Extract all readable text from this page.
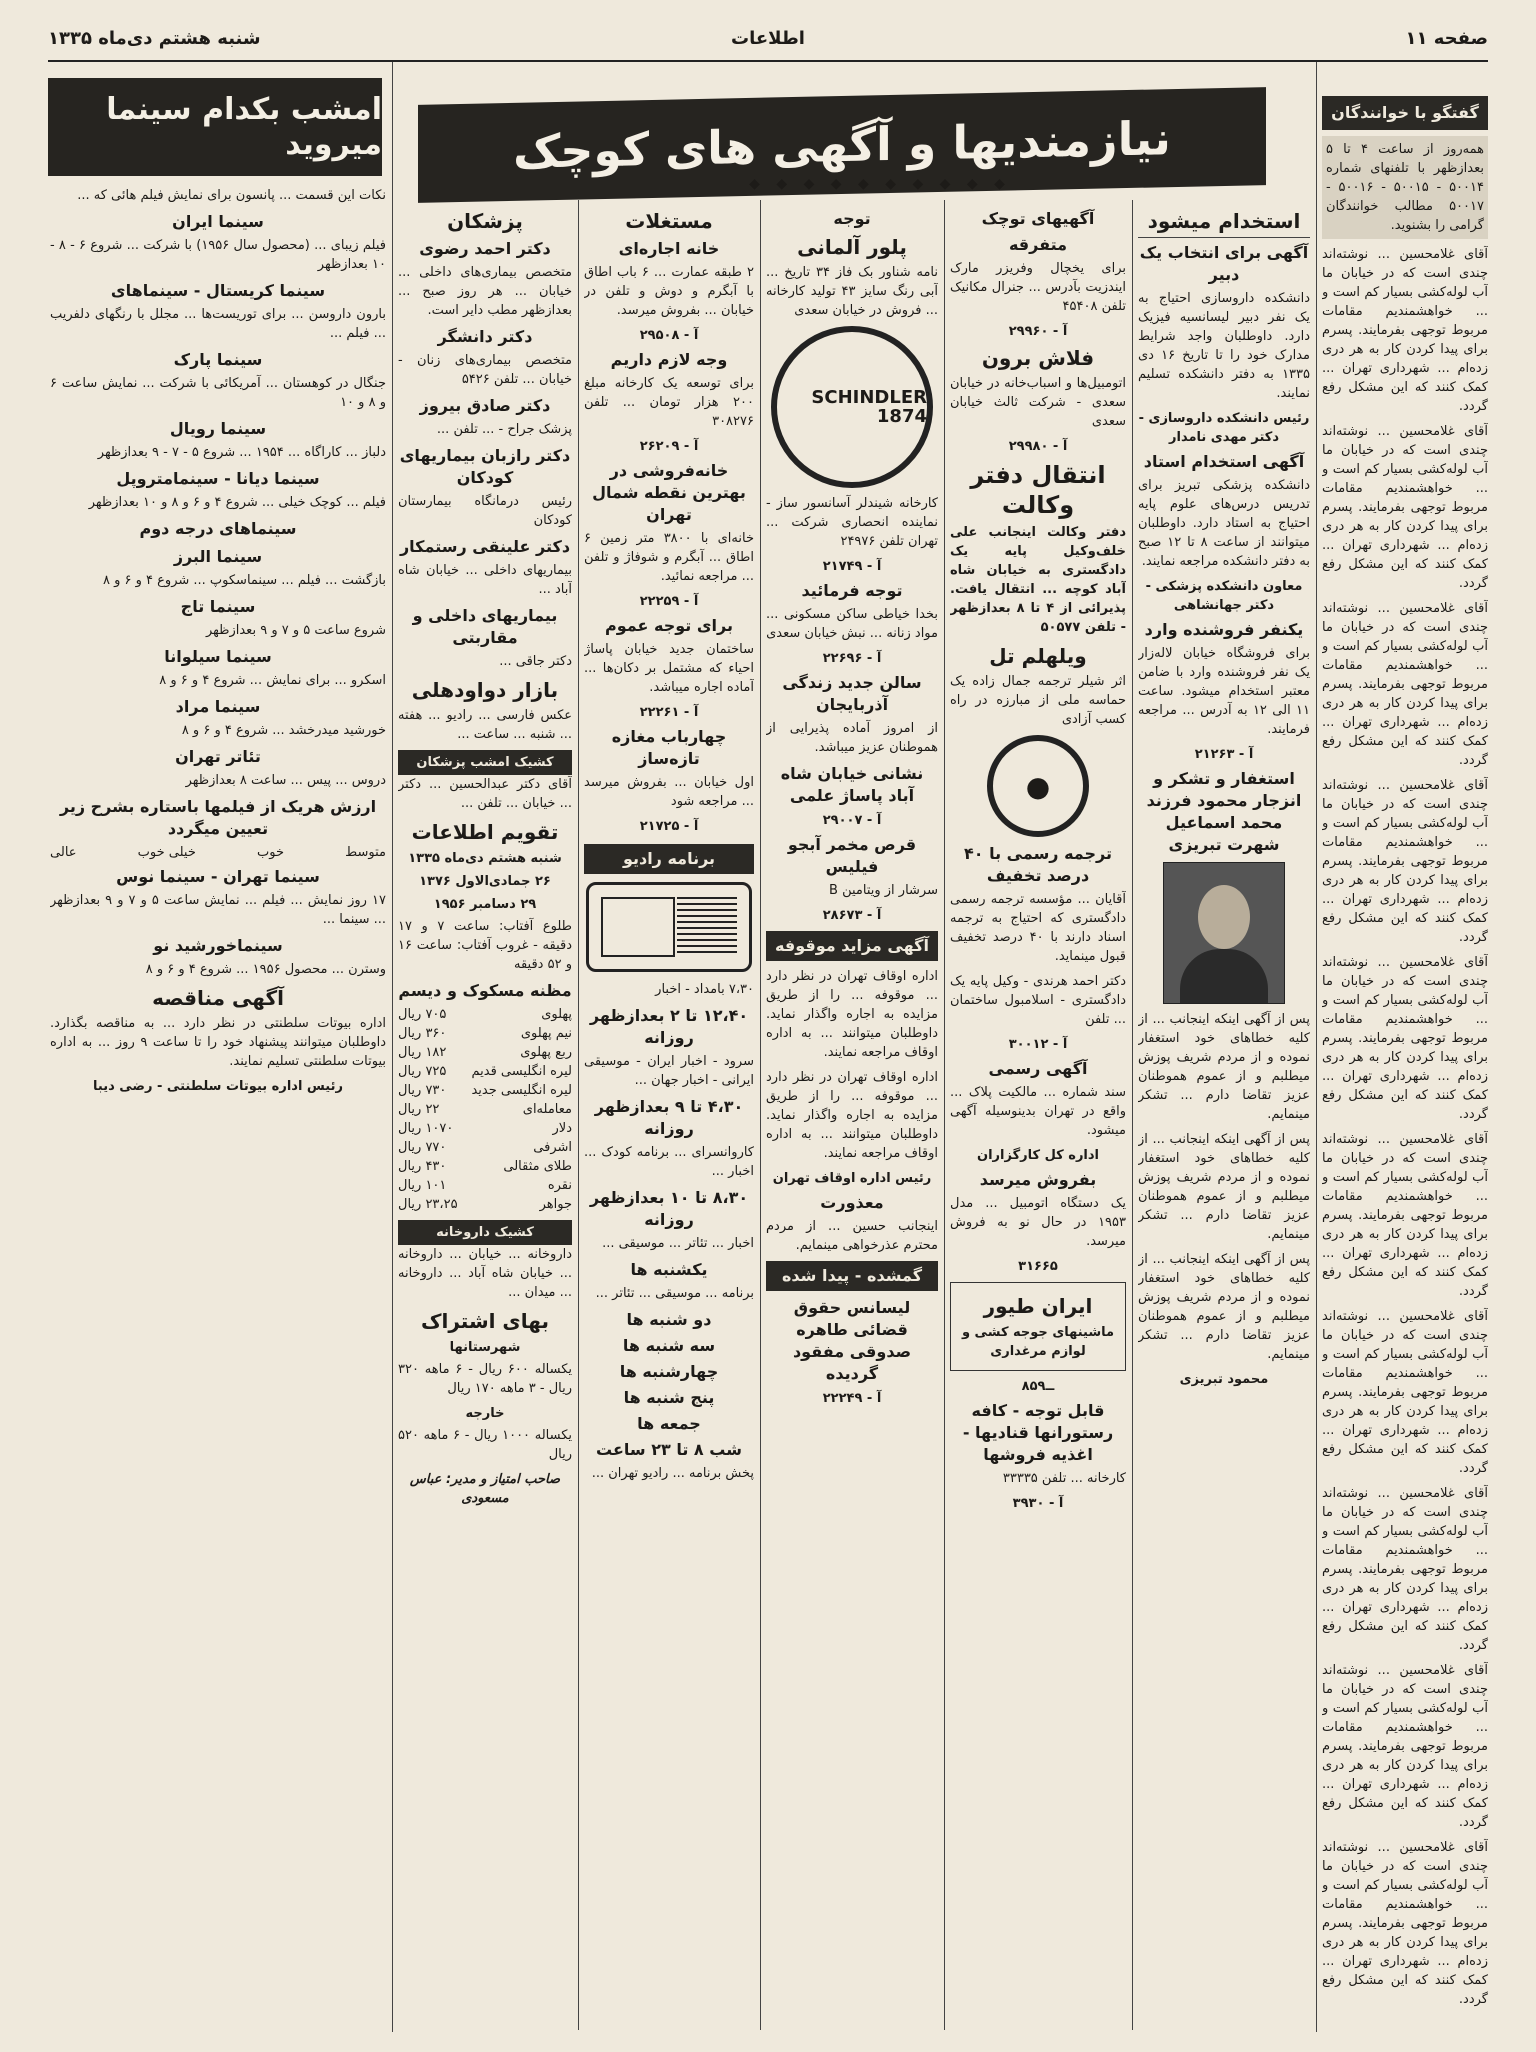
صفحه ۱۱
اطلاعات
شنبه هشتم دی‌ماه ۱۳۳۵
نیازمندیها و آگهی های کوچک
امشب بکدام سینما میروید
◆ ◆ ◆ ◆ ◆ ◆ ◆ ◆ ◆ ◆
گفتگو با خوانندگان

همه‌روز از ساعت ۴ تا ۵ بعدازظهر با تلفنهای شماره ۵۰۰۱۴ - ۵۰۰۱۵ - ۵۰۰۱۶ - ۵۰۰۱۷ مطالب خوانندگان گرامی را بشنوید.

آقای غلامحسین ... نوشته‌اند چندی است که در خیابان ما آب لوله‌کشی بسیار کم است و ... خواهشمندیم مقامات مربوط توجهی بفرمایند. پسرم برای پیدا کردن کار به هر دری زده‌ام ... شهرداری تهران ... کمک کنند که این مشکل رفع گردد.

آقای غلامحسین ... نوشته‌اند چندی است که در خیابان ما آب لوله‌کشی بسیار کم است و ... خواهشمندیم مقامات مربوط توجهی بفرمایند. پسرم برای پیدا کردن کار به هر دری زده‌ام ... شهرداری تهران ... کمک کنند که این مشکل رفع گردد.

آقای غلامحسین ... نوشته‌اند چندی است که در خیابان ما آب لوله‌کشی بسیار کم است و ... خواهشمندیم مقامات مربوط توجهی بفرمایند. پسرم برای پیدا کردن کار به هر دری زده‌ام ... شهرداری تهران ... کمک کنند که این مشکل رفع گردد.

آقای غلامحسین ... نوشته‌اند چندی است که در خیابان ما آب لوله‌کشی بسیار کم است و ... خواهشمندیم مقامات مربوط توجهی بفرمایند. پسرم برای پیدا کردن کار به هر دری زده‌ام ... شهرداری تهران ... کمک کنند که این مشکل رفع گردد.

آقای غلامحسین ... نوشته‌اند چندی است که در خیابان ما آب لوله‌کشی بسیار کم است و ... خواهشمندیم مقامات مربوط توجهی بفرمایند. پسرم برای پیدا کردن کار به هر دری زده‌ام ... شهرداری تهران ... کمک کنند که این مشکل رفع گردد.

آقای غلامحسین ... نوشته‌اند چندی است که در خیابان ما آب لوله‌کشی بسیار کم است و ... خواهشمندیم مقامات مربوط توجهی بفرمایند. پسرم برای پیدا کردن کار به هر دری زده‌ام ... شهرداری تهران ... کمک کنند که این مشکل رفع گردد.

آقای غلامحسین ... نوشته‌اند چندی است که در خیابان ما آب لوله‌کشی بسیار کم است و ... خواهشمندیم مقامات مربوط توجهی بفرمایند. پسرم برای پیدا کردن کار به هر دری زده‌ام ... شهرداری تهران ... کمک کنند که این مشکل رفع گردد.

آقای غلامحسین ... نوشته‌اند چندی است که در خیابان ما آب لوله‌کشی بسیار کم است و ... خواهشمندیم مقامات مربوط توجهی بفرمایند. پسرم برای پیدا کردن کار به هر دری زده‌ام ... شهرداری تهران ... کمک کنند که این مشکل رفع گردد.

آقای غلامحسین ... نوشته‌اند چندی است که در خیابان ما آب لوله‌کشی بسیار کم است و ... خواهشمندیم مقامات مربوط توجهی بفرمایند. پسرم برای پیدا کردن کار به هر دری زده‌ام ... شهرداری تهران ... کمک کنند که این مشکل رفع گردد.

آقای غلامحسین ... نوشته‌اند چندی است که در خیابان ما آب لوله‌کشی بسیار کم است و ... خواهشمندیم مقامات مربوط توجهی بفرمایند. پسرم برای پیدا کردن کار به هر دری زده‌ام ... شهرداری تهران ... کمک کنند که این مشکل رفع گردد.

استخدام میشود
آگهی برای انتخاب یک دبیر

دانشکده داروسازی احتیاج به یک نفر دبیر لیسانسیه فیزیک دارد. داوطلبان واجد شرایط مدارک خود را تا تاریخ ۱۶ دی ۱۳۳۵ به دفتر دانشکده تسلیم نمایند.

رئیس دانشکده داروسازی - دکتر مهدی نامدار
آگهی استخدام استاد

دانشکده پزشکی تبریز برای تدریس درس‌های علوم پایه احتیاج به استاد دارد. داوطلبان میتوانند از ساعت ۸ تا ۱۲ صبح به دفتر دانشکده مراجعه نمایند.

معاون دانشکده پزشکی - دکتر جهانشاهی
یکنفر فروشنده وارد

برای فروشگاه خیابان لاله‌زار یک نفر فروشنده وارد با ضامن معتبر استخدام میشود. ساعت ۱۱ الی ۱۲ به آدرس ... مراجعه فرمایند.

آ - ۲۱۲۶۳
استغفار و تشکر و انزجار محمود فرزند محمد اسماعیل شهرت تبریزی

پس از آگهی اینکه اینجانب ... از کلیه خطاهای خود استغفار نموده و از مردم شریف پوزش میطلبم و از عموم هموطنان عزیز تقاضا دارم ... تشکر مینمایم.

پس از آگهی اینکه اینجانب ... از کلیه خطاهای خود استغفار نموده و از مردم شریف پوزش میطلبم و از عموم هموطنان عزیز تقاضا دارم ... تشکر مینمایم.

پس از آگهی اینکه اینجانب ... از کلیه خطاهای خود استغفار نموده و از مردم شریف پوزش میطلبم و از عموم هموطنان عزیز تقاضا دارم ... تشکر مینمایم.

محمود تبریزی
آگهیهای توچک
متفرقه

برای یخچال وفریزر مارک ایندزیت بآدرس ... جنرال مکانیک تلفن ۴۵۴۰۸

آ - ۲۹۹۶۰
فلاش برون

اتومبیل‌ها و اسباب‌خانه در خیابان سعدی - شرکت ثالث خیابان سعدی

آ - ۲۹۹۸۰
انتقال دفتر وکالت

دفتر وکالت اینجانب علی خلف‌وکیل پایه یک دادگستری به خیابان شاه آباد کوچه ... انتقال یافت. پذیرائی از ۴ تا ۸ بعدازظهر - تلفن ۵۰۵۷۷

ویلهلم تل

اثر شیلر ترجمه جمال زاده یک حماسه ملی از مبارزه در راه کسب آزادی

●
ترجمه رسمی با ۴۰ درصد تخفیف

آقایان ... مؤسسه ترجمه رسمی دادگستری که احتیاج به ترجمه اسناد دارند با ۴۰ درصد تخفیف قبول مینماید.

دکتر احمد هرندی - وکیل پایه یک دادگستری - اسلامبول ساختمان ... تلفن

آ - ۳۰۰۱۲
آگهی رسمی

سند شماره ... مالکیت پلاک ... واقع در تهران بدینوسیله آگهی میشود.

اداره کل کارگزاران
بفروش میرسد

یک دستگاه اتومبیل ... مدل ۱۹۵۳ در حال نو به فروش میرسد.

۳۱۶۶۵
ایران طیور
ماشینهای جوجه کشی و لوازم مرغداری
ــ۸۵۹
قابل توجه - کافه رستورانها قنادیها - اغذیه فروشها

کارخانه ... تلفن ۳۳۳۳۵

آ - ۳۹۳۰
توجه
پلور آلمانی

نامه شناور بک فاز ۳۴ تاریخ ... آبی رنگ سایز ۴۳ تولید کارخانه ... فروش در خیابان سعدی

SCHINDLER 1874

کارخانه شیندلر آسانسور ساز - نماینده انحصاری شرکت ... تهران تلفن ۲۴۹۷۶

آ - ۲۱۷۴۹
توجه فرمائید

بخدا خیاطی ساکن مسکونی ... مواد زنانه ... نبش خیابان سعدی

آ - ۲۲۶۹۶
سالن جدید زندگی آذربایجان

از امروز آماده پذیرایی از هموطنان عزیز میباشد.

نشانی خیابان شاه آباد پاساژ علمی
آ - ۲۹۰۰۷
قرص مخمر آبجو فیلیس

سرشار از ویتامین B

آ - ۲۸۶۷۳
آگهی مزاید موقوفه

اداره اوقاف تهران در نظر دارد ... موقوفه ... را از طریق مزایده به اجاره واگذار نماید. داوطلبان میتوانند ... به اداره اوقاف مراجعه نمایند.

اداره اوقاف تهران در نظر دارد ... موقوفه ... را از طریق مزایده به اجاره واگذار نماید. داوطلبان میتوانند ... به اداره اوقاف مراجعه نمایند.

رئیس اداره اوقاف تهران
معذورت

اینجانب حسین ... از مردم محترم عذرخواهی مینمایم.

گمشده - پیدا شده
لیسانس حقوق قضائی طاهره صدوقی مفقود گردیده
آ - ۲۲۲۴۹
مستغلات
خانه اجاره‌ای

۲ طبقه عمارت ... ۶ باب اطاق با آبگرم و دوش و تلفن در خیابان ... بفروش میرسد.

آ - ۲۹۵۰۸
وجه لازم داریم

برای توسعه یک کارخانه مبلغ ۲۰۰ هزار تومان ... تلفن ۳۰۸۲۷۶

آ - ۲۶۲۰۹
خانه‌فروشی در بهترین نقطه شمال تهران

خانه‌ای با ۳۸۰۰ متر زمین ۶ اطاق ... آبگرم و شوفاژ و تلفن ... مراجعه نمائید.

آ - ۲۲۲۵۹
برای توجه عموم

ساختمان جدید خیابان پاساژ احیاء که مشتمل بر دکان‌ها ... آماده اجاره میباشد.

آ - ۲۲۲۶۱
چهارباب مغازه تازه‌ساز

اول خیابان ... بفروش میرسد ... مراجعه شود

آ - ۲۱۷۲۵
برنامه رادیو

۷،۳۰ بامداد - اخبار

۱۲،۴۰ تا ۲ بعدازظهر روزانه

سرود - اخبار ایران - موسیقی ایرانی - اخبار جهان ...

۴،۳۰ تا ۹ بعدازظهر روزانه

کاروانسرای ... برنامه کودک ... اخبار ...

۸،۳۰ تا ۱۰ بعدازظهر روزانه

اخبار ... تئاتر ... موسیقی ...

یکشنبه ها

برنامه ... موسیقی ... تئاتر ...

دو شنبه ها
سه شنبه ها
چهارشنبه ها
پنج شنبه ها
جمعه ها
شب ۸ تا ۲۳ ساعت

پخش برنامه ... رادیو تهران ...

پزشکان
دکتر احمد رضوی

متخصص بیماری‌های داخلی ... خیابان ... هر روز صبح ... بعدازظهر مطب دایر است.

دکتر دانشگر

متخصص بیماری‌های زنان - خیابان ... تلفن ۵۴۲۶

دکتر صادق بیروز

پزشک جراح - ... تلفن ...

دکتر رازبان بیماریهای کودکان

رئیس درمانگاه بیمارستان کودکان

دکتر علینقی رستمکار

بیماریهای داخلی ... خیابان شاه آباد ...

بیماریهای داخلی و مقاربتی

دکتر جاقی ...

بازار دواودهلی

عکس فارسی ... رادیو ... هفته ... شنبه ... ساعت ...

کشیک امشب پزشکان

آقای دکتر عبدالحسین ... دکتر ... خیابان ... تلفن ...

تقویم اطلاعات
شنبه هشتم دی‌ماه ۱۳۳۵
۲۶ جمادی‌الاول ۱۳۷۶
۲۹ دسامبر ۱۹۵۶

طلوع آفتاب: ساعت ۷ و ۱۷ دقیقه - غروب آفتاب: ساعت ۱۶ و ۵۲ دقیقه

مظنه مسکوک و دیسم
پهلوی
۷۰۵ ریال
نیم پهلوی
۳۶۰ ریال
ربع پهلوی
۱۸۲ ریال
لیره انگلیسی قدیم
۷۲۵ ریال
لیره انگلیسی جدید
۷۳۰ ریال
معامله‌ای
۲۲ ریال
دلار
۱۰۷۰ ریال
اشرفی
۷۷۰ ریال
طلای مثقالی
۴۳۰ ریال
نقره
۱۰۱ ریال
جواهر
۲۳،۲۵ ریال
کشیک داروخانه

داروخانه ... خیابان ... داروخانه ... خیابان شاه آباد ... داروخانه ... میدان ...

بهای اشتراک
شهرستانها

یکساله ۶۰۰ ریال - ۶ ماهه ۳۲۰ ریال - ۳ ماهه ۱۷۰ ریال

خارجه

یکساله ۱۰۰۰ ریال - ۶ ماهه ۵۲۰ ریال

صاحب امتیاز و مدیر: عباس مسعودی

نکات این قسمت ... پانسون برای نمایش فیلم هائی که ...

سینما ایران

فیلم زیبای ... (محصول سال ۱۹۵۶) با شرکت ... شروع ۶ - ۸ - ۱۰ بعدازظهر

سینما کریستال - سینماهای

بارون داروسن ... برای توریست‌ها ... مجلل با رنگهای دلفریب ... فیلم ...

سینما پارک

جنگال در کوهستان ... آمریکائی با شرکت ... نمایش ساعت ۶ و ۸ و ۱۰

سینما رویال

دلباز ... کاراگاه ... ۱۹۵۴ ... شروع ۵ - ۷ - ۹ بعدازظهر

سینما دیانا - سینمامتروپل

فیلم ... کوچک خیلی ... شروع ۴ و ۶ و ۸ و ۱۰ بعدازظهر

سینماهای درجه دوم

سینما البرز

بازگشت ... فیلم ... سینماسکوپ ... شروع ۴ و ۶ و ۸

سینما تاج

شروع ساعت ۵ و ۷ و ۹ بعدازظهر

سینما سیلوانا

اسکرو ... برای نمایش ... شروع ۴ و ۶ و ۸

سینما مراد

خورشید میدرخشد ... شروع ۴ و ۶ و ۸

تئاتر تهران

دروس ... پیس ... ساعت ۸ بعدازظهر

ارزش هریک از فیلمها باستاره بشرح زیر تعیین میگردد
متوسط
خوب
خیلی خوب
عالی
سینما تهران - سینما نوس

۱۷ روز نمایش ... فیلم ... نمایش ساعت ۵ و ۷ و ۹ بعدازظهر ... سینما ...

سینماخورشید نو

وسترن ... محصول ۱۹۵۶ ... شروع ۴ و ۶ و ۸

آگهی مناقصه

اداره بیوتات سلطنتی در نظر دارد ... به مناقصه بگذارد. داوطلبان میتوانند پیشنهاد خود را تا ساعت ۹ روز ... به اداره بیوتات سلطنتی تسلیم نمایند.

رئیس اداره بیوتات سلطنتی - رضی دیبا
